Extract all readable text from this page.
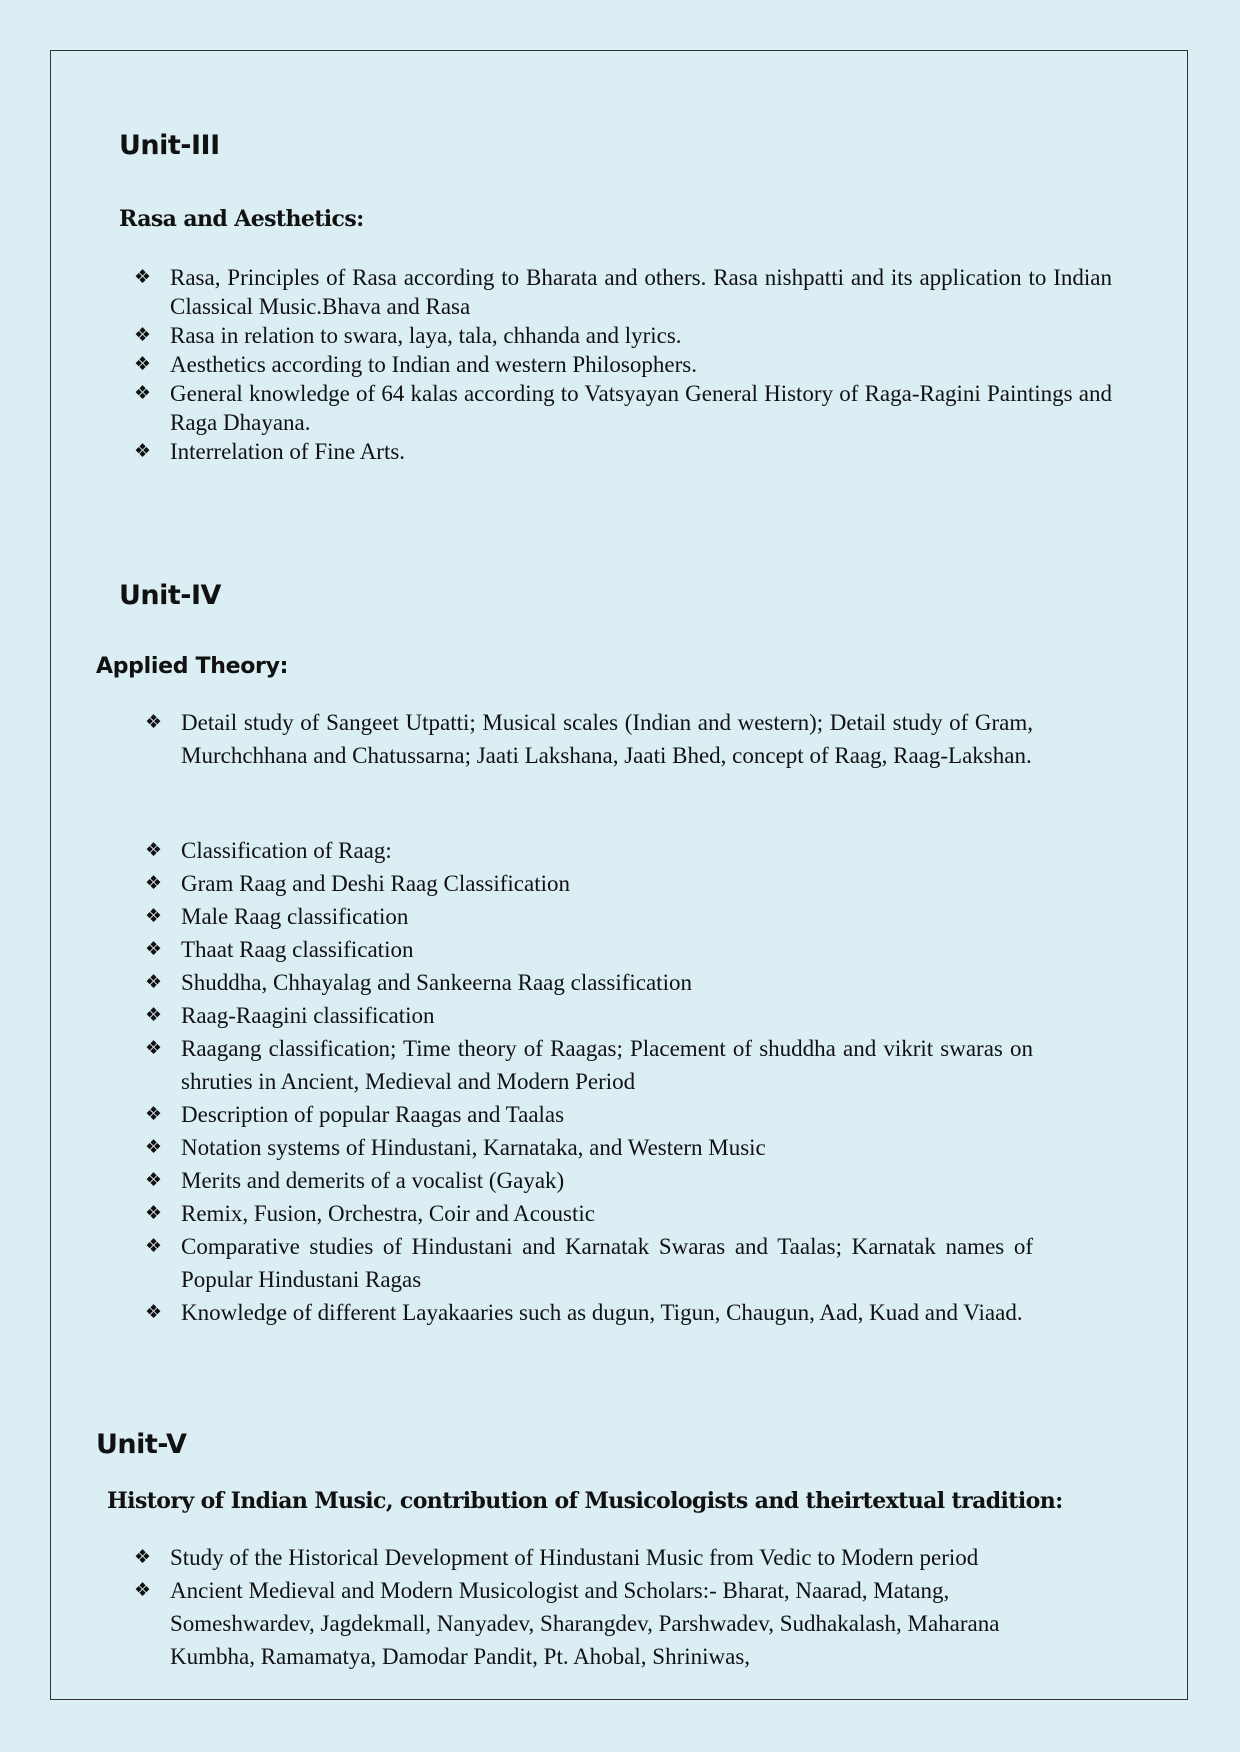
Unit-III
Rasa and Aesthetics:
❖ Rasa, Principles of Rasa according to Bharata and others. Rasa nishpatti and its application to Indian Classical Music.Bhava and Rasa
❖ Rasa in relation to swara, laya, tala, chhanda and lyrics.
❖ Aesthetics according to Indian and western Philosophers.
❖ General knowledge of 64 kalas according to Vatsyayan General History of Raga-Ragini Paintings and Raga Dhayana.
❖ Interrelation of Fine Arts.
Unit-IV
Applied Theory:
❖ Detail study of Sangeet Utpatti; Musical scales (Indian and western); Detail study of Gram, Murchchhana and Chatussarna; Jaati Lakshana, Jaati Bhed, concept of Raag, Raag-Lakshan.
❖ Classification of Raag:
❖ Gram Raag and Deshi Raag Classification
❖ Male Raag classification
❖ Thaat Raag classification
❖ Shuddha, Chhayalag and Sankeerna Raag classification
❖ Raag-Raagini classification
❖ Raagang classification; Time theory of Raagas; Placement of shuddha and vikrit swaras on shruties in Ancient, Medieval and Modern Period
❖ Description of popular Raagas and Taalas
❖ Notation systems of Hindustani, Karnataka, and Western Music
❖ Merits and demerits of a vocalist (Gayak)
❖ Remix, Fusion, Orchestra, Coir and Acoustic
❖ Comparative studies of Hindustani and Karnatak Swaras and Taalas; Karnatak names of Popular Hindustani Ragas
❖ Knowledge of different Layakaaries such as dugun, Tigun, Chaugun, Aad, Kuad and Viaad.
Unit-V
History of Indian Music, contribution of Musicologists and theirtextual tradition:
❖ Study of the Historical Development of Hindustani Music from Vedic to Modern period
❖ Ancient Medieval and Modern Musicologist and Scholars:- Bharat, Naarad, Matang, Someshwardev, Jagdekmall, Nanyadev, Sharangdev, Parshwadev, Sudhakalash, Maharana Kumbha, Ramamatya, Damodar Pandit, Pt. Ahobal, Shriniwas,
